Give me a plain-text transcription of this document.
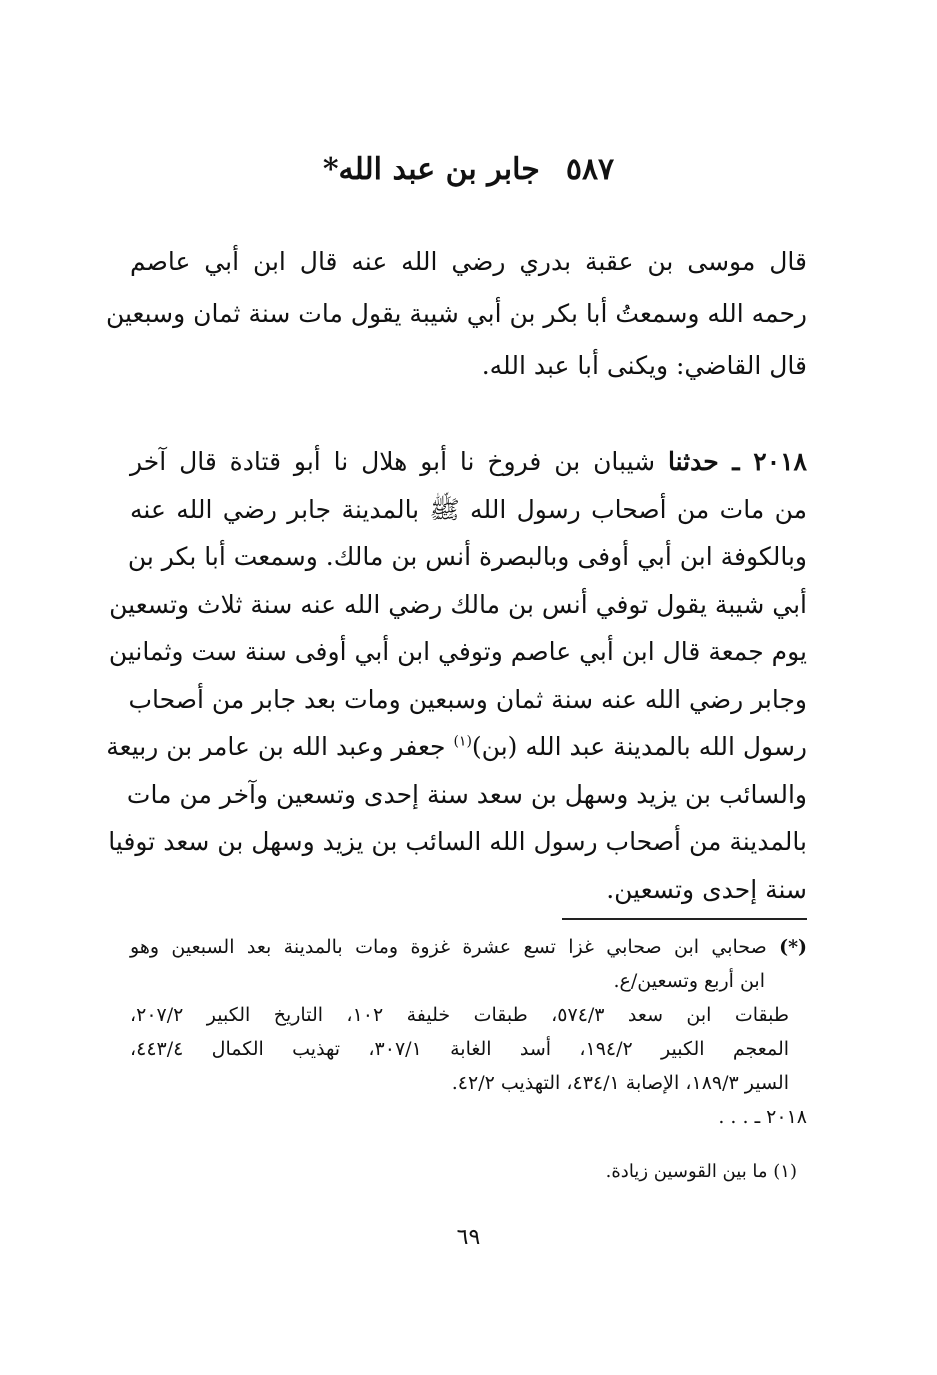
٥٨٧جابر بن عبد الله*
قال موسى بن عقبة بدري رضي الله عنه قال ابن أبي عاصم
رحمه الله وسمعتُ أبا بكر بن أبي شيبة يقول مات سنة ثمان وسبعين
قال القاضي: ويكنى أبا عبد الله.
٢٠١٨ ـ حدثنا شيبان بن فروخ نا أبو هلال نا أبو قتادة قال آخر
من مات من أصحاب رسول الله ﷺ بالمدينة جابر رضي الله عنه
وبالكوفة ابن أبي أوفى وبالبصرة أنس بن مالك. وسمعت أبا بكر بن
أبي شيبة يقول توفي أنس بن مالك رضي الله عنه سنة ثلاث وتسعين
يوم جمعة قال ابن أبي عاصم وتوفي ابن أبي أوفى سنة ست وثمانين
وجابر رضي الله عنه سنة ثمان وسبعين ومات بعد جابر من أصحاب
رسول الله بالمدينة عبد الله (بن)$^{(١)}$ جعفر وعبد الله بن عامر بن ربيعة
والسائب بن يزيد وسهل بن سعد سنة إحدى وتسعين وآخر من مات
بالمدينة من أصحاب رسول الله السائب بن يزيد وسهل بن سعد توفيا
سنة إحدى وتسعين.
(*) صحابي ابن صحابي غزا تسع عشرة غزوة ومات بالمدينة بعد السبعين وهو
ابن أربع وتسعين/ع.
طبقات ابن سعد ٥٧٤/٣، طبقات خليفة ١٠٢، التاريخ الكبير ٢٠٧/٢،
المعجم الكبير ١٩٤/٢، أسد الغابة ٣٠٧/١، تهذيب الكمال ٤٤٣/٤،
السير ١٨٩/٣، الإصابة ٤٣٤/١، التهذيب ٤٢/٢.
٢٠١٨ ـ . . .
(١) ما بين القوسين زيادة.
٦٩
